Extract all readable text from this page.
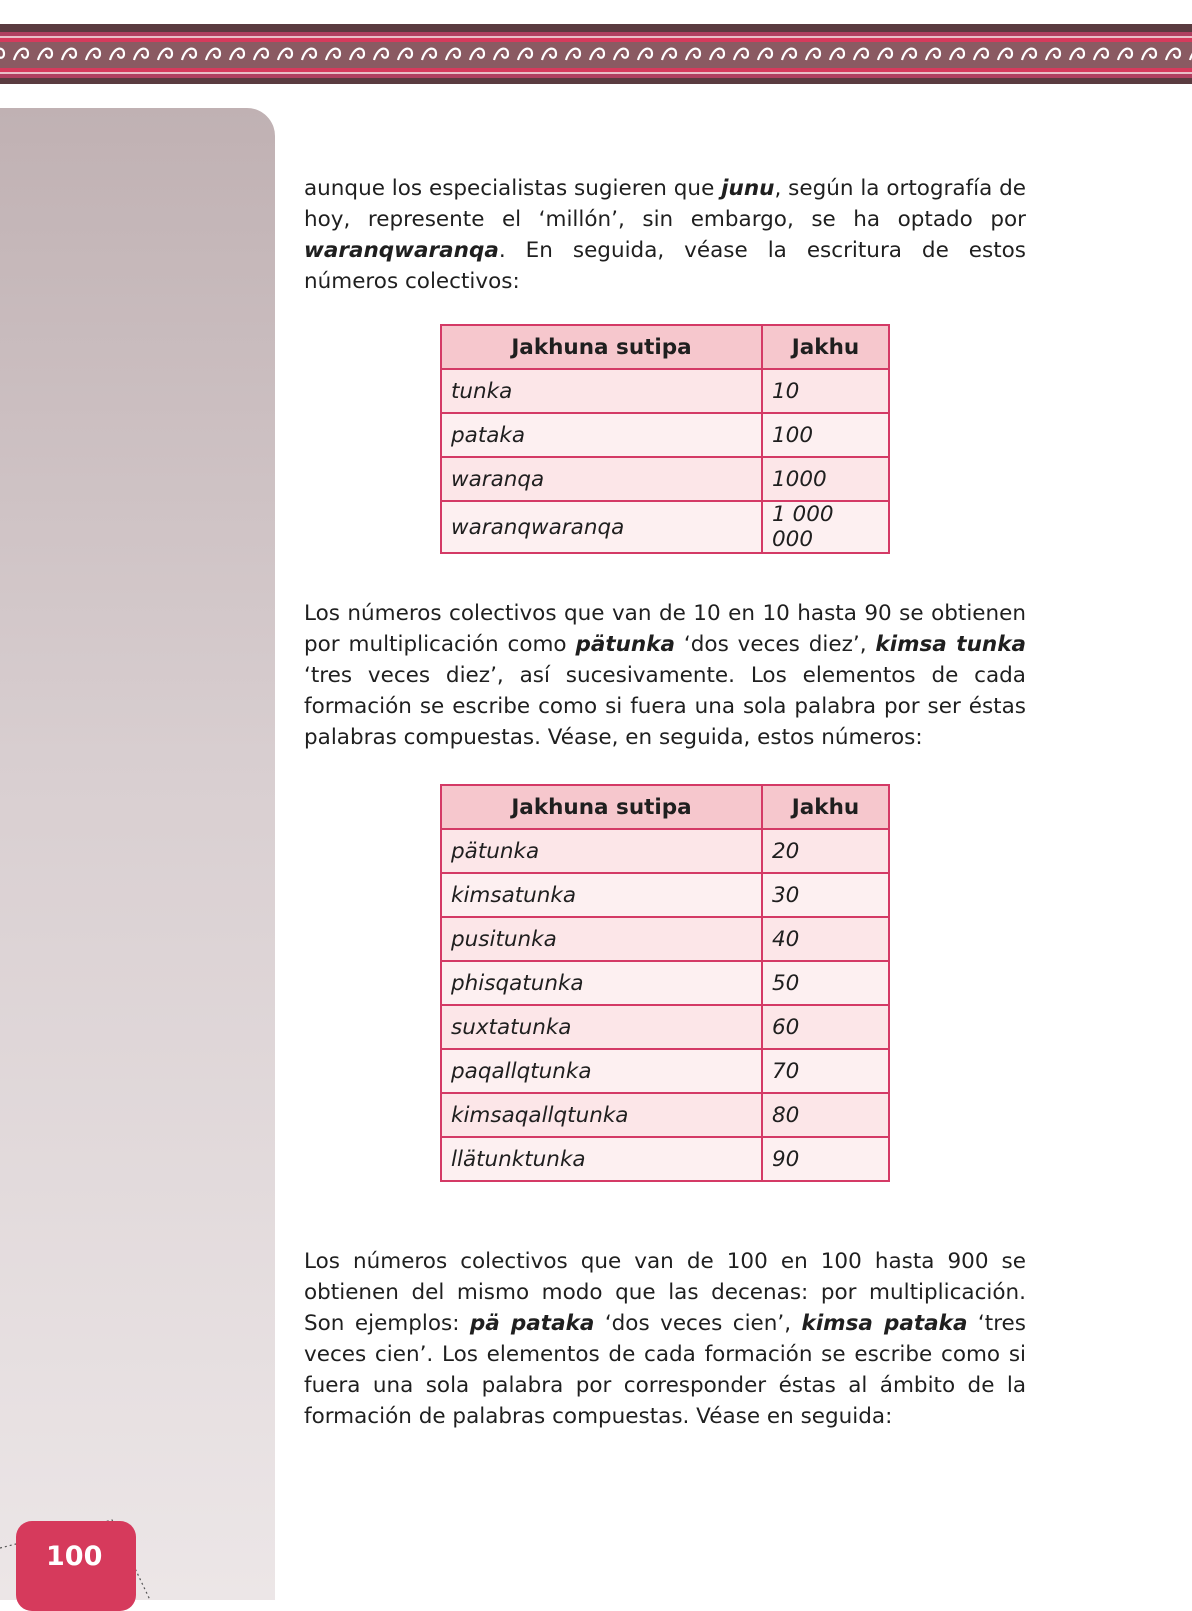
100

aunque los especialistas sugieren que junu, según la ortografía de hoy, represente el ‘millón’, sin embargo, se ha optado por waranqwaranqa. En seguida, véase la escritura de estos números colectivos:

Jakhuna sutipa	Jakhu
tunka	10
pataka	100
waranqa	1000
waranqwaranqa	1 000 000

Los números colectivos que van de 10 en 10 hasta 90 se obtienen por multiplicación como pätunka ‘dos veces diez’, kimsa tunka ‘tres veces diez’, así sucesivamente. Los elementos de cada formación se escribe como si fuera una sola palabra por ser éstas palabras compuestas. Véase, en seguida, estos números:

Jakhuna sutipa	Jakhu
pätunka	20
kimsatunka	30
pusitunka	40
phisqatunka	50
suxtatunka	60
paqallqtunka	70
kimsaqallqtunka	80
llätunktunka	90

Los números colectivos que van de 100 en 100 hasta 900 se obtienen del mismo modo que las decenas: por multiplicación. Son ejemplos: pä pataka ‘dos veces cien’, kimsa pataka ‘tres veces cien’. Los elementos de cada formación se escribe como si fuera una sola palabra por corresponder éstas al ámbito de la formación de palabras compuestas. Véase en seguida:
